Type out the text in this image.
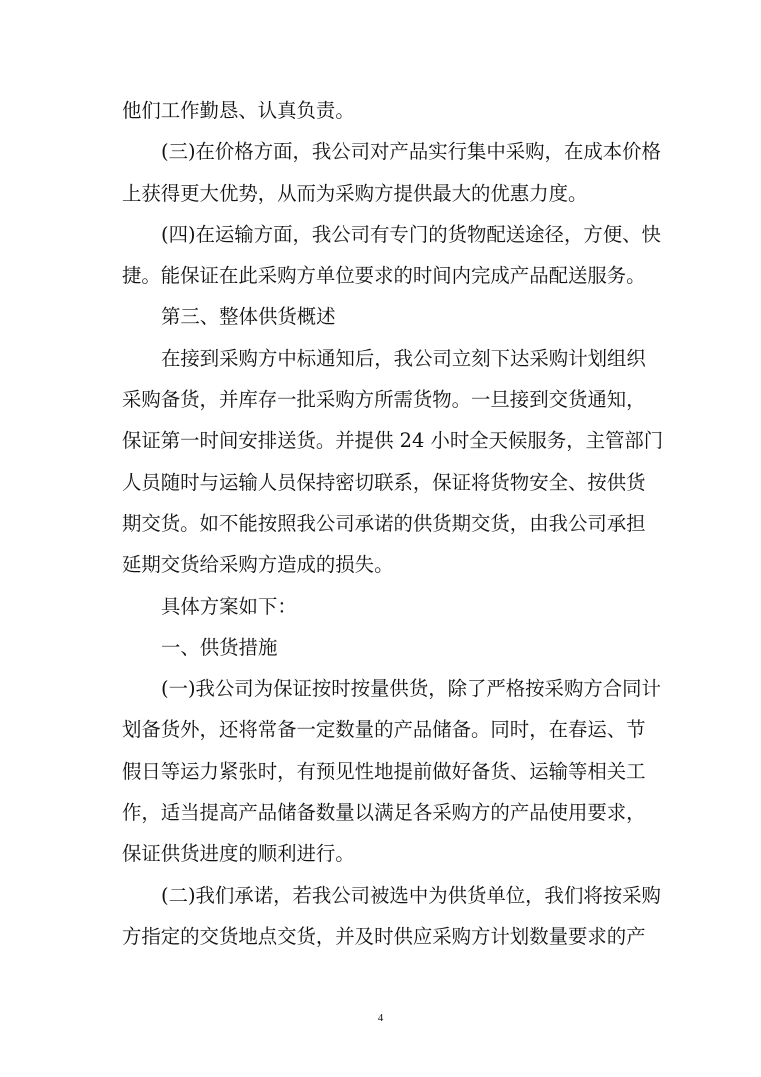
他们工作勤恳、认真负责。

(三)在价格方面，我公司对产品实行集中采购，在成本价格

上获得更大优势，从而为采购方提供最大的优惠力度。

(四)在运输方面，我公司有专门的货物配送途径，方便、快

捷。能保证在此采购方单位要求的时间内完成产品配送服务。

第三、整体供货概述

在接到采购方中标通知后，我公司立刻下达采购计划组织

采购备货，并库存一批采购方所需货物。一旦接到交货通知，

保证第一时间安排送货。并提供 24 小时全天候服务，主管部门

人员随时与运输人员保持密切联系，保证将货物安全、按供货

期交货。如不能按照我公司承诺的供货期交货，由我公司承担

延期交货给采购方造成的损失。

具体方案如下：

一、供货措施

(一)我公司为保证按时按量供货，除了严格按采购方合同计

划备货外，还将常备一定数量的产品储备。同时，在春运、节

假日等运力紧张时，有预见性地提前做好备货、运输等相关工

作，适当提高产品储备数量以满足各采购方的产品使用要求，

保证供货进度的顺利进行。

(二)我们承诺，若我公司被选中为供货单位，我们将按采购

方指定的交货地点交货，并及时供应采购方计划数量要求的产

4
